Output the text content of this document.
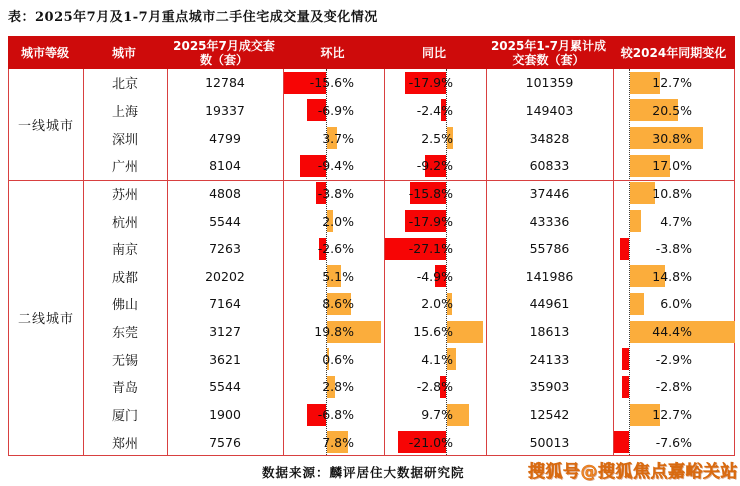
表：2025年7月及1-7月重点城市二手住宅成交量及变化情况
城市等级	城市	2025年7月成交套数（套）	环比	同比	2025年1-7月累计成交套数（套）	较2024年同期变化
一线城市
北京	12784	-15.6%	-17.9%	101359	12.7%
上海	19337	-6.9%	-2.4%	149403	20.5%
深圳	4799	3.7%	2.5%	34828	30.8%
广州	8104	-9.4%	-9.2%	60833	17.0%
二线城市
苏州	4808	-3.8%	-15.8%	37446	10.8%
杭州	5544	2.0%	-17.9%	43336	4.7%
南京	7263	-2.6%	-27.1%	55786	-3.8%
成都	20202	5.1%	-4.9%	141986	14.8%
佛山	7164	8.6%	2.0%	44961	6.0%
东莞	3127	19.8%	15.6%	18613	44.4%
无锡	3621	0.6%	4.1%	24133	-2.9%
青岛	5544	2.8%	-2.8%	35903	-2.8%
厦门	1900	-6.8%	9.7%	12542	12.7%
郑州	7576	7.8%	-21.0%	50013	-7.6%
数据来源：麟评居住大数据研究院	搜狐号@搜狐焦点嘉峪关站
